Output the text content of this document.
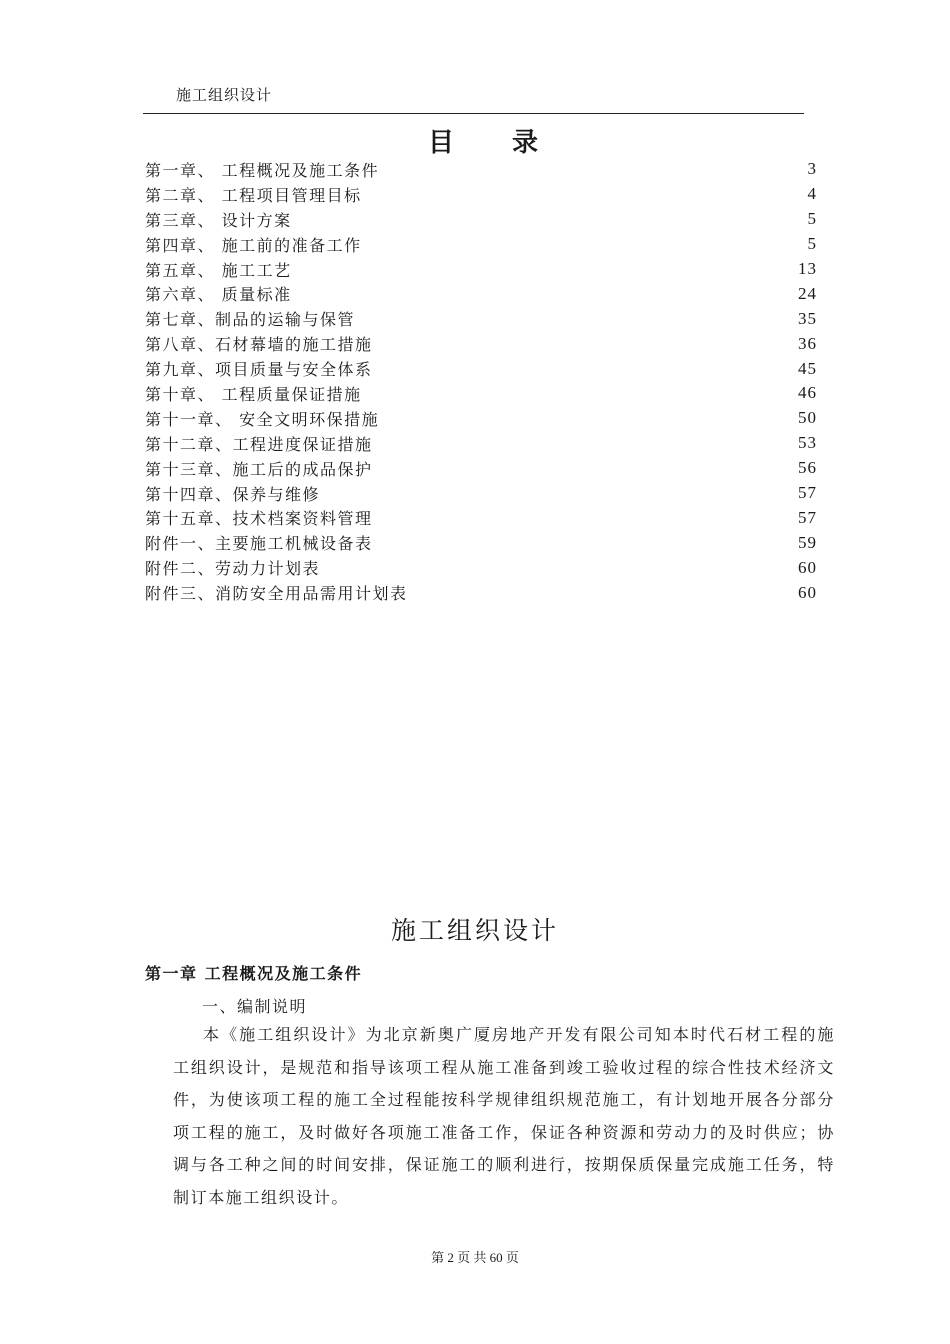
施工组织设计
目录
第一章、 工程概况及施工条件	3
第二章、 工程项目管理目标	4
第三章、 设计方案	5
第四章、 施工前的准备工作	5
第五章、 施工工艺	13
第六章、 质量标准	24
第七章、制品的运输与保管	35
第八章、石材幕墙的施工措施	36
第九章、项目质量与安全体系	45
第十章、 工程质量保证措施	46
第十一章、 安全文明环保措施	50
第十二章、工程进度保证措施	53
第十三章、施工后的成品保护	56
第十四章、保养与维修	57
第十五章、技术档案资料管理	57
附件一、主要施工机械设备表	59
附件二、劳动力计划表	60
附件三、消防安全用品需用计划表	60
施工组织设计
第一章 工程概况及施工条件
一、编制说明

本《施工组织设计》为北京新奥广厦房地产开发有限公司知本时代石材工程的施工组织设计，是规范和指导该项工程从施工准备到竣工验收过程的综合性技术经济文件，为使该项工程的施工全过程能按科学规律组织规范施工，有计划地开展各分部分项工程的施工，及时做好各项施工准备工作，保证各种资源和劳动力的及时供应；协调与各工种之间的时间安排，保证施工的顺利进行，按期保质保量完成施工任务，特制订本施工组织设计。

第 2 页 共 60 页
